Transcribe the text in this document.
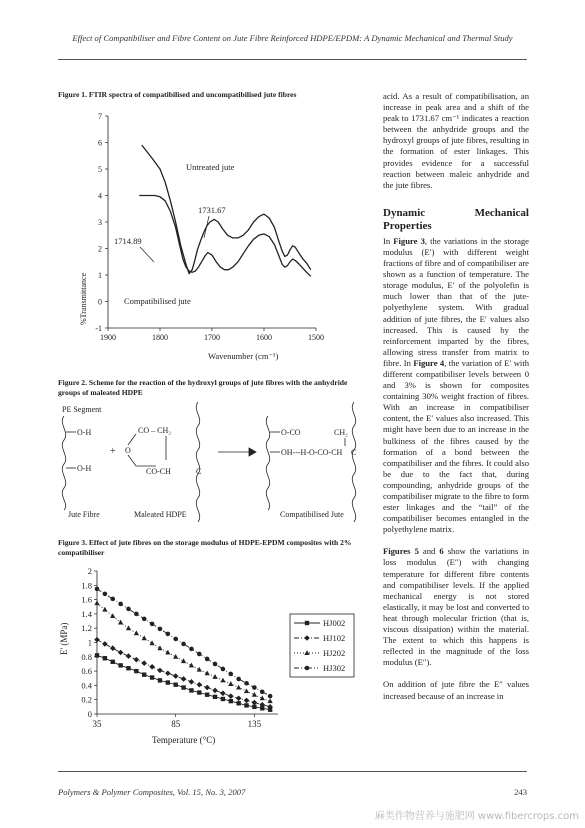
Effect of Compatibiliser and Fibre Content on Jute Fibre Reinforced HDPE/EPDM: A Dynamic Mechanical and Thermal Study
Figure 1. FTIR spectra of compatibilised and uncompatibilised jute fibres
7
6
5
4
3
2
1
0
-1
1900	1800	1700	1600	1500
%Transmittance
Wavenumber (cm⁻¹)
Untreated jute
Compatibilised jute
1731.67
1714.89
Figure 2. Scheme for the reaction of the hydroxyl groups of jute fibres with the anhydride groups of maleated HDPE
PE Segment
O-H
O-H
+
CO – CH₂
O
CO-CH	C
O-CO	CH₂
OH---H-O-CO-CH C
Jute Fibre	Maleated HDPE	Compatibilised Jute
Figure 3. Effect of jute fibres on the storage modulus of HDPE-EPDM composites with 2% compatibiliser
0
0.2
0.4
0.6
0.8
1
1.2
1.4
1.6
1.8
2
35	85	135
E' (MPa)
Temperature (°C)
HJ002
HJ102
HJ202
HJ302

acid. As a result of compatibilisation, an increase in peak area and a shift of the peak to 1731.67 cm⁻¹ indicates a reaction between the anhydride groups and the hydroxyl groups of jute fibres, resulting in the formation of ester linkages. This provides evidence for a successful reaction between maleic anhydride and the jute fibres.

Dynamic Mechanical Properties

In Figure 3, the variations in the storage modulus (E′) with different weight fractions of fibre and of compatibiliser are shown as a function of temperature. The storage modulus, E′ of the polyolefin is much lower than that of the jute-polyethylene system. With gradual addition of jute fibres, the E′ values also increased. This is caused by the reinforcement imparted by the fibres, allowing stress transfer from matrix to fibre. In Figure 4, the variation of E′ with different compatibiliser levels between 0 and 3% is shown for composites containing 30% weight fraction of fibres. With an increase in compatibiliser content, the E′ values also increased. This might have been due to an increase in the bulkiness of the fibres caused by the formation of a bond between the compatibiliser and the fibres. It could also be due to the fact that, during compounding, anhydride groups of the compatibiliser migrate to the fibre to form ester linkages and the “tail” of the compatibiliser becomes entangled in the polyethylene matrix.

Figures 5 and 6 show the variations in loss modulus (E″) with changing temperature for different fibre contents and compatibiliser levels. If the applied mechanical energy is not stored elastically, it may be lost and converted to heat through molecular friction (that is, viscous dissipation) within the material. The extent to which this happens is reflected in the magnitude of the loss modulus (E″).

On addition of jute fibre the E″ values increased because of an increase in

Polymers & Polymer Composites, Vol. 15, No. 3, 2007	243
麻类作物营养与施肥网 www.fibercrops.com
